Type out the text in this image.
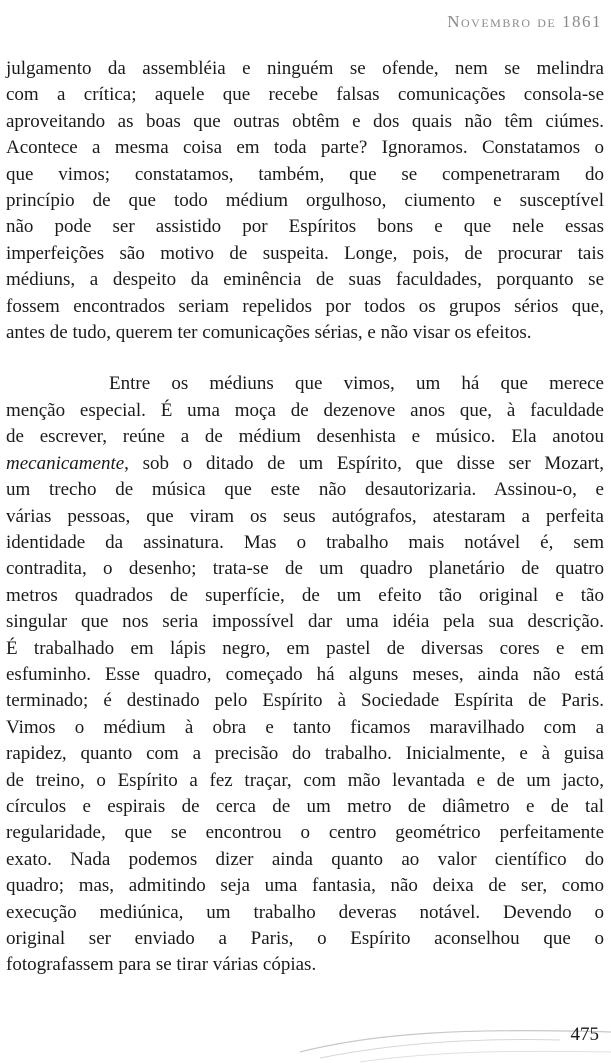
Novembro de 1861
julgamento da assembléia e ninguém se ofende, nem se melindra
com a crítica; aquele que recebe falsas comunicações consola-se
aproveitando as boas que outras obtêm e dos quais não têm ciúmes.
Acontece a mesma coisa em toda parte? Ignoramos. Constatamos o
que vimos; constatamos, também, que se compenetraram do
princípio de que todo médium orgulhoso, ciumento e susceptível
não pode ser assistido por Espíritos bons e que nele essas
imperfeições são motivo de suspeita. Longe, pois, de procurar tais
médiuns, a despeito da eminência de suas faculdades, porquanto se
fossem encontrados seriam repelidos por todos os grupos sérios que,
antes de tudo, querem ter comunicações sérias, e não visar os efeitos.
Entre os médiuns que vimos, um há que merece
menção especial. É uma moça de dezenove anos que, à faculdade
de escrever, reúne a de médium desenhista e músico. Ela anotou
mecanicamente, sob o ditado de um Espírito, que disse ser Mozart,
um trecho de música que este não desautorizaria. Assinou-o, e
várias pessoas, que viram os seus autógrafos, atestaram a perfeita
identidade da assinatura. Mas o trabalho mais notável é, sem
contradita, o desenho; trata-se de um quadro planetário de quatro
metros quadrados de superfície, de um efeito tão original e tão
singular que nos seria impossível dar uma idéia pela sua descrição.
É trabalhado em lápis negro, em pastel de diversas cores e em
esfuminho. Esse quadro, começado há alguns meses, ainda não está
terminado; é destinado pelo Espírito à Sociedade Espírita de Paris.
Vimos o médium à obra e tanto ficamos maravilhado com a
rapidez, quanto com a precisão do trabalho. Inicialmente, e à guisa
de treino, o Espírito a fez traçar, com mão levantada e de um jacto,
círculos e espirais de cerca de um metro de diâmetro e de tal
regularidade, que se encontrou o centro geométrico perfeitamente
exato. Nada podemos dizer ainda quanto ao valor científico do
quadro; mas, admitindo seja uma fantasia, não deixa de ser, como
execução mediúnica, um trabalho deveras notável. Devendo o
original ser enviado a Paris, o Espírito aconselhou que o
fotografassem para se tirar várias cópias.
475
